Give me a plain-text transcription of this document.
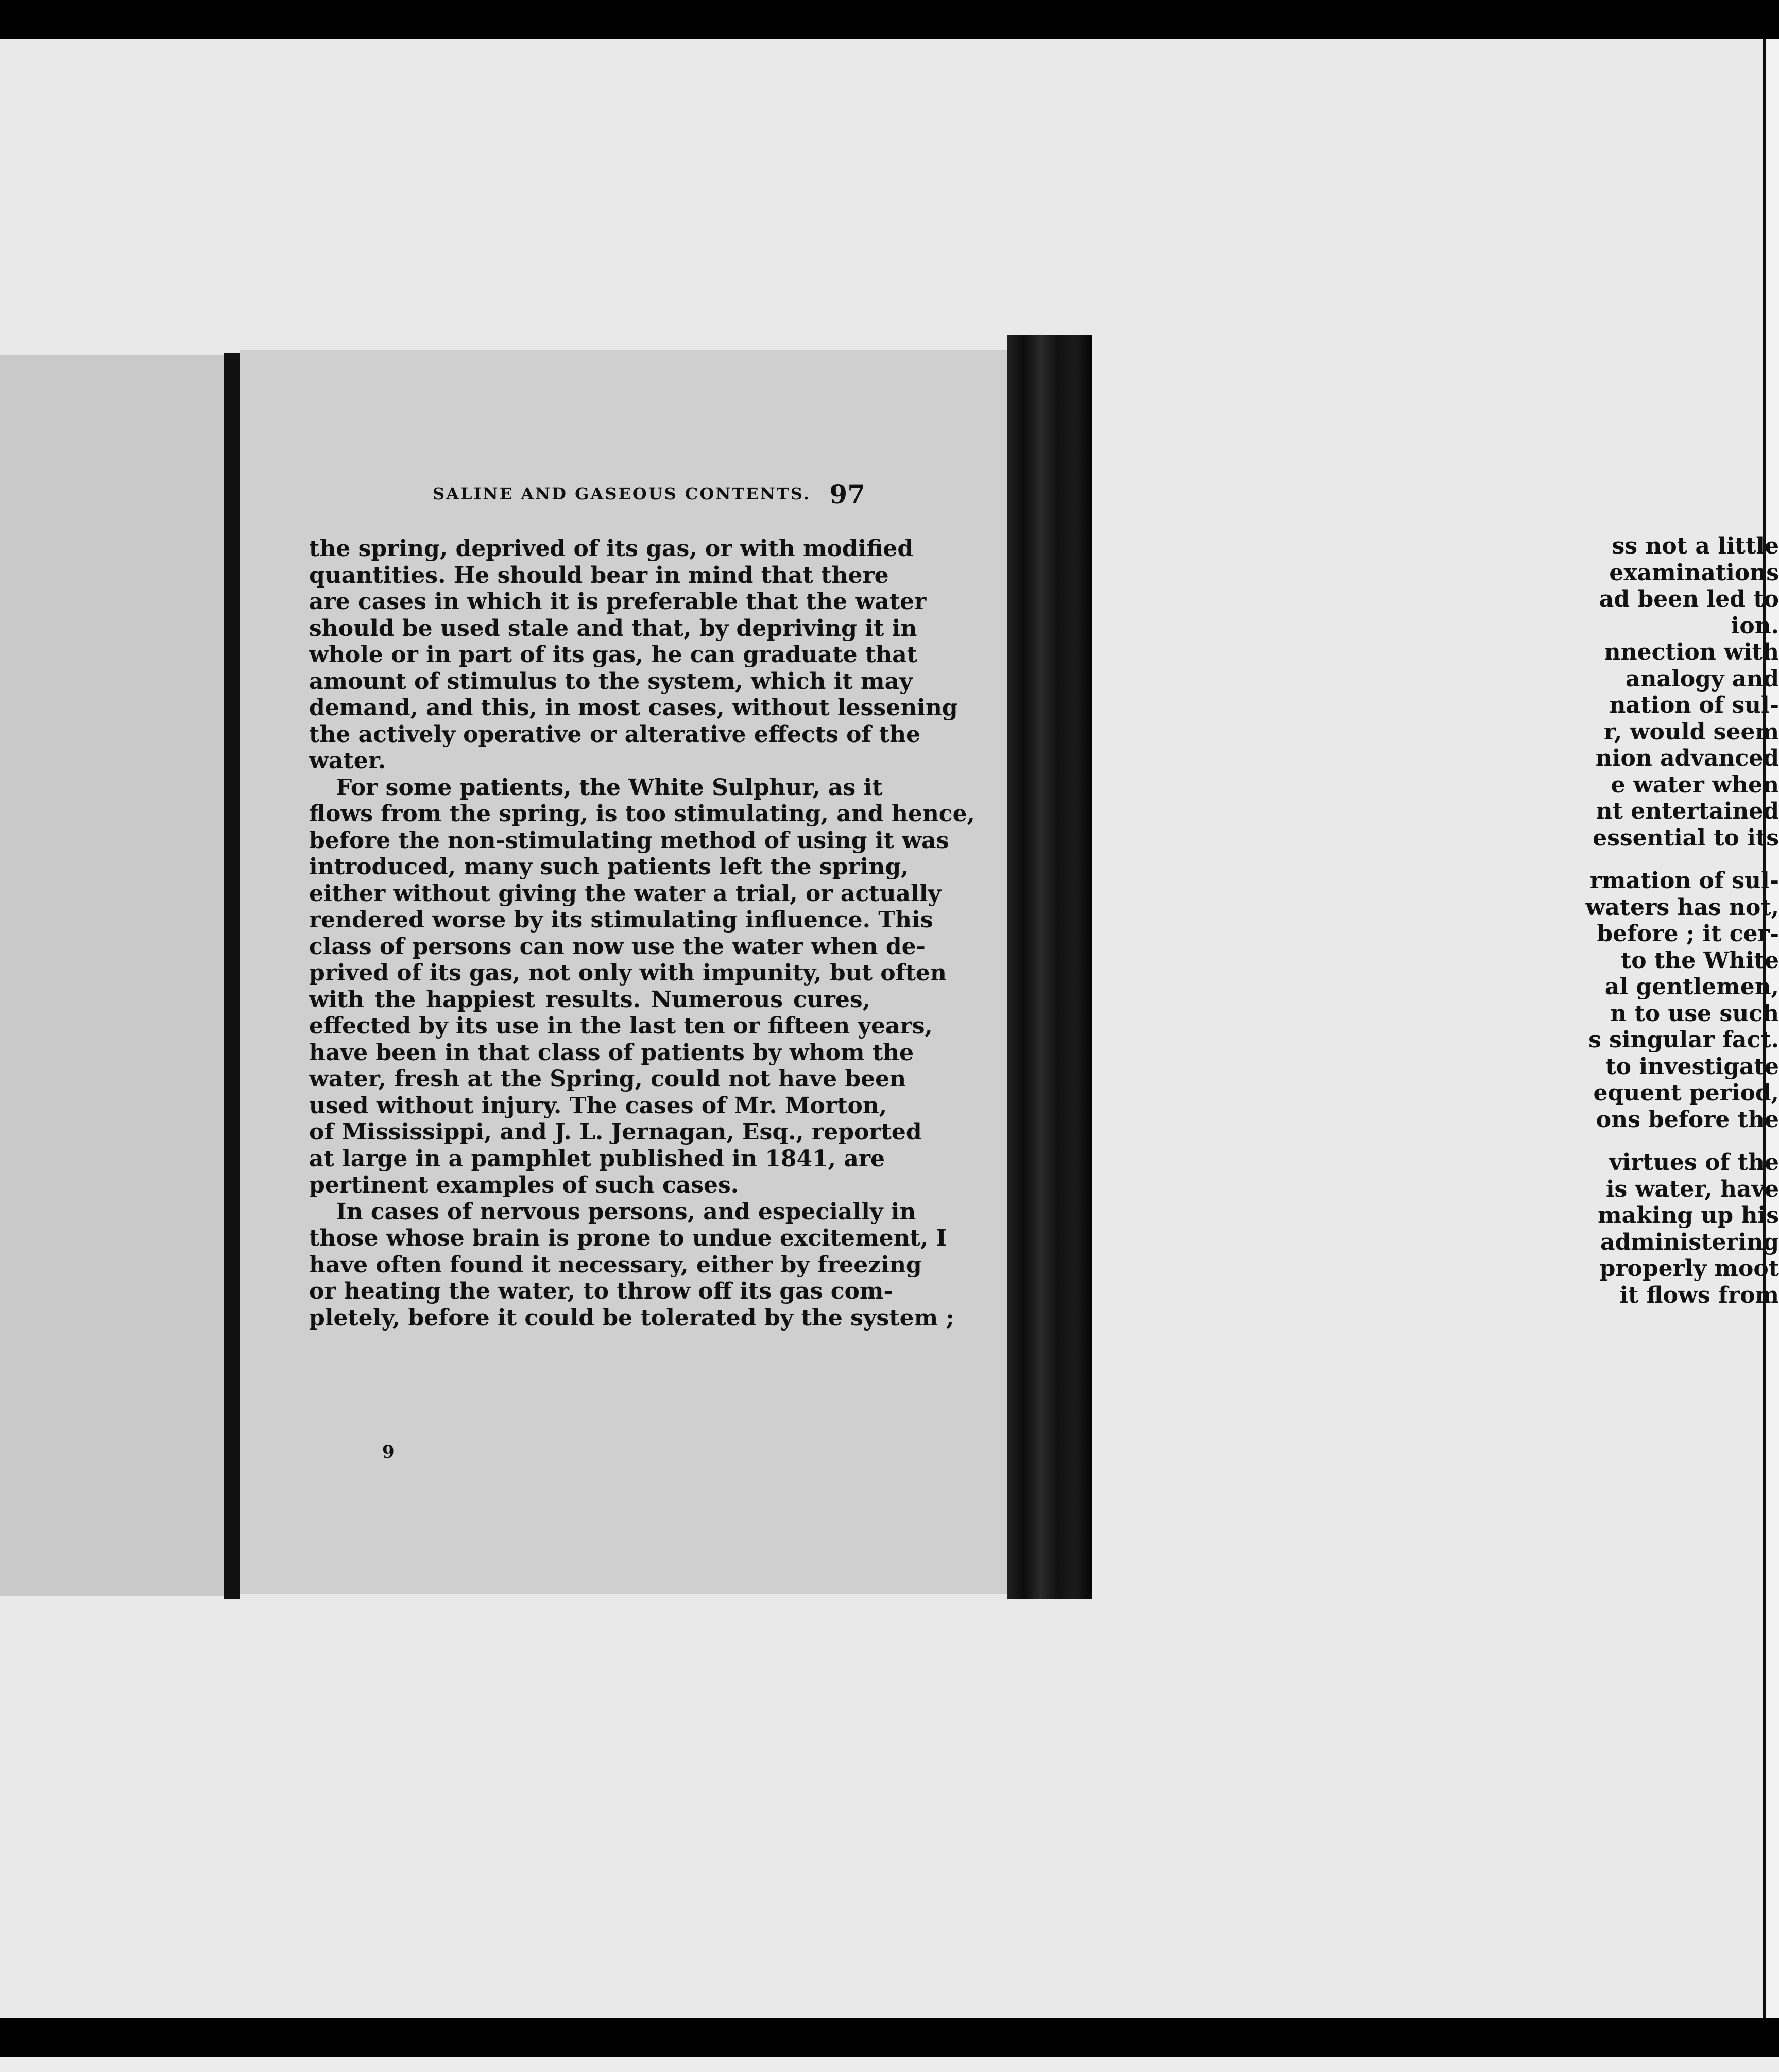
ss not a little
examinations
ad been led to
ion.
nnection with
analogy and
nation of sul-
r, would seem
nion advanced
e water when
nt entertained
essential to its
rmation of sul-
waters has not,
before ; it cer-
to the White
al gentlemen,
n to use such
s singular fact.
to investigate
equent period,
ons before the
virtues of the
is water, have
making up his
administering
properly moot
it flows from
SALINE AND GASEOUS CONTENTS. 97
the spring, deprived of its gas, or with modified
quantities. He should bear in mind that there
are cases in which it is preferable that the water
should be used stale and that, by depriving it in
whole or in part of its gas, he can graduate that
amount of stimulus to the system, which it may
demand, and this, in most cases, without lessening
the actively operative or alterative effects of the
water.
For some patients, the White Sulphur, as it
flows from the spring, is too stimulating, and hence,
before the non-stimulating method of using it was
introduced, many such patients left the spring,
either without giving the water a trial, or actually
rendered worse by its stimulating influence. This
class of persons can now use the water when de-
prived of its gas, not only with impunity, but often
with the happiest results. Numerous cures,
effected by its use in the last ten or fifteen years,
have been in that class of patients by whom the
water, fresh at the Spring, could not have been
used without injury. The cases of Mr. Morton,
of Mississippi, and J. L. Jernagan, Esq., reported
at large in a pamphlet published in 1841, are
pertinent examples of such cases.
In cases of nervous persons, and especially in
those whose brain is prone to undue excitement, I
have often found it necessary, either by freezing
or heating the water, to throw off its gas com-
pletely, before it could be tolerated by the system ;
9
